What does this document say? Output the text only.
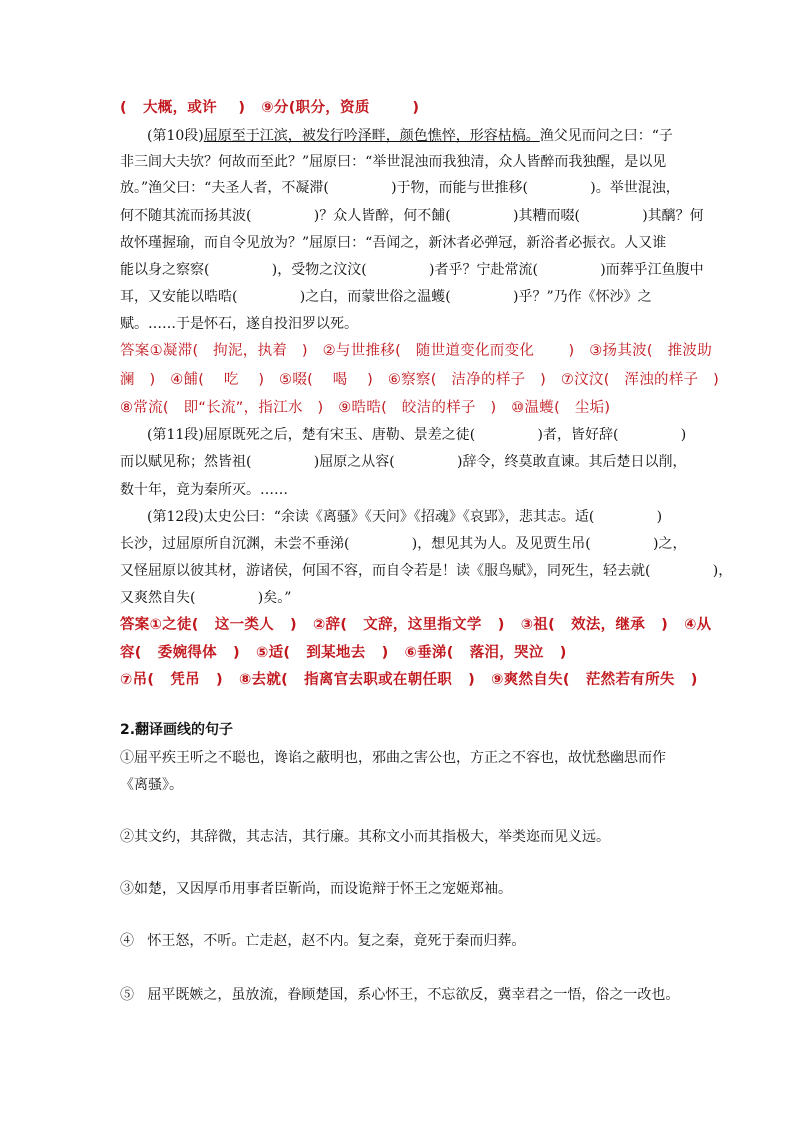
(   大概，或许    )   ⑨分(职分，资质        )
(第10段)屈原至于江滨，被发行吟泽畔，颜色憔悴，形容枯槁。渔父见而问之曰：“子
非三闾大夫欤？何故而至此？”屈原曰：“举世混浊而我独清，众人皆醉而我独醒，是以见
放。”渔父曰：“夫圣人者，不凝滞(              )于物，而能与世推移(              )。举世混浊，
何不随其流而扬其波(              )？众人皆醉，何不餔(              )其糟而啜(              )其醨？何
故怀瑾握瑜，而自令见放为？”屈原曰：“吾闻之，新沐者必弹冠，新浴者必振衣。人又谁
能以身之察察(              )，受物之汶汶(              )者乎？宁赴常流(              )而葬乎江鱼腹中
耳，又安能以晧晧(              )之白，而蒙世俗之温蠖(              )乎？”乃作《怀沙》之
赋。……于是怀石，遂自投汨罗以死。
答案①凝滞(   拘泥，执着   )   ②与世推移(   随世道变化而变化       )   ③扬其波(   推波助
澜   )   ④餔(    吃    )   ⑤啜(    喝    )   ⑥察察(   洁净的样子   )   ⑦汶汶(   浑浊的样子   )
⑧常流(   即“长流”，指江水   )   ⑨晧晧(   皎洁的样子   )   ⑩温蠖(   尘垢)
(第11段)屈原既死之后，楚有宋玉、唐勒、景差之徒(              )者，皆好辞(              )
而以赋见称；然皆祖(              )屈原之从容(              )辞令，终莫敢直谏。其后楚日以削，
数十年，竟为秦所灭。……
(第12段)太史公曰：“余读《离骚》《天问》《招魂》《哀郢》，悲其志。适(              )
长沙，过屈原所自沉渊，未尝不垂涕(              )，想见其为人。及见贾生吊(              )之，
又怪屈原以彼其材，游诸侯，何国不容，而自令若是！读《服鸟赋》，同死生，轻去就(              )，
又爽然自失(              )矣。”
答案①之徒(   这一类人   )   ②辞(   文辞，这里指文学   )   ③祖(   效法，继承   )   ④从
容(   委婉得体   )   ⑤适(   到某地去   )   ⑥垂涕(   落泪，哭泣   )
⑦吊(   凭吊   )   ⑧去就(   指离官去职或在朝任职   )   ⑨爽然自失(   茫然若有所失   )
2.翻译画线的句子
①屈平疾王听之不聪也，谗谄之蔽明也，邪曲之害公也，方正之不容也，故忧愁幽思而作
《离骚》。
②其文约，其辞微，其志洁，其行廉。其称文小而其指极大，举类迩而见义远。
③如楚，又因厚币用事者臣靳尚，而设诡辩于怀王之宠姬郑袖。
④   怀王怒，不听。亡走赵，赵不内。复之秦，竟死于秦而归葬。
⑤   屈平既嫉之，虽放流，眷顾楚国，系心怀王，不忘欲反，冀幸君之一悟，俗之一改也。
